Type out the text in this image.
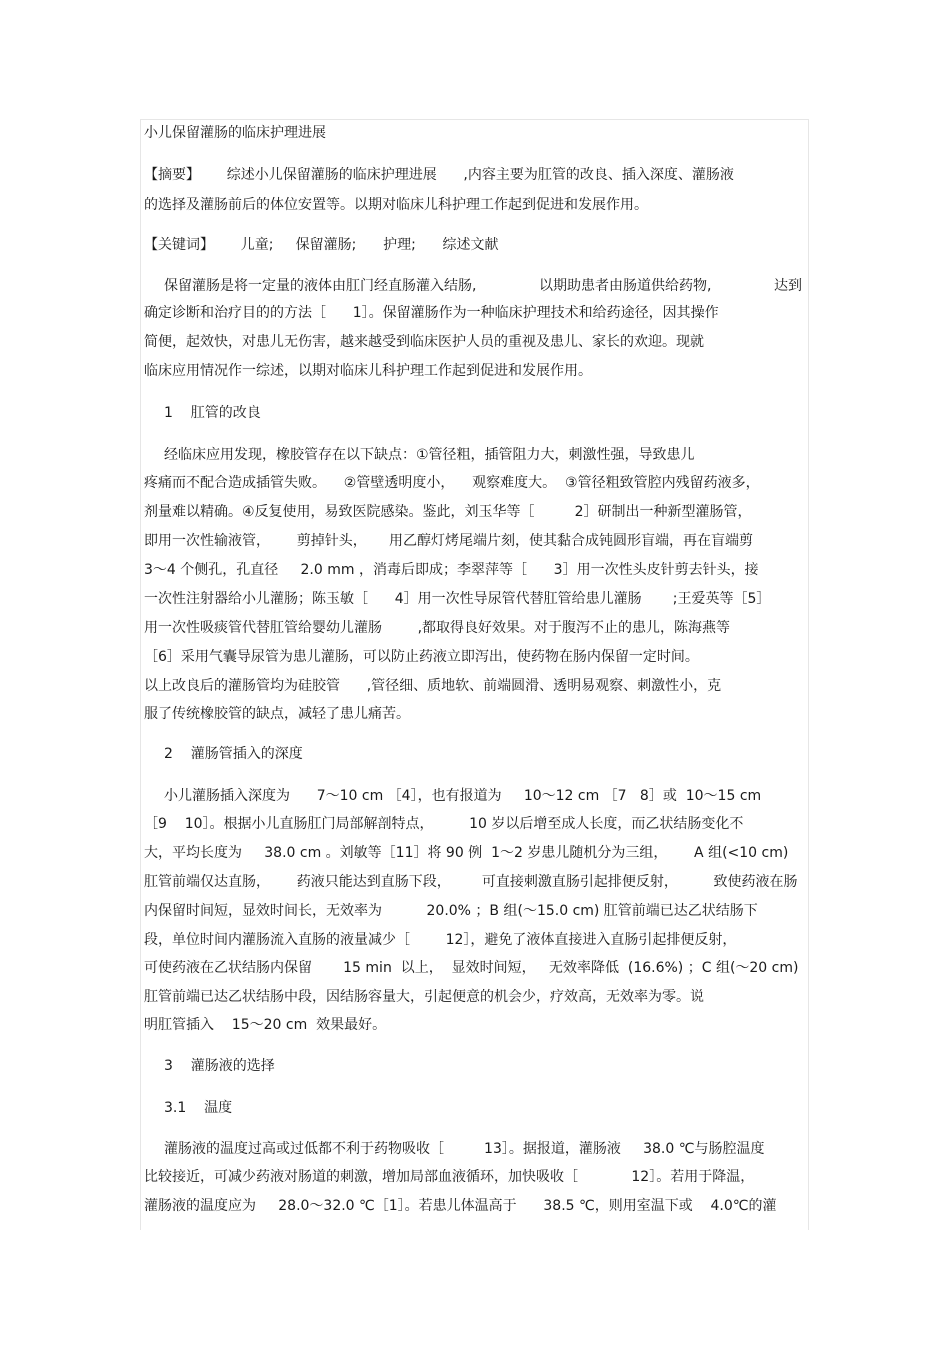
小儿保留灌肠的临床护理进展
【摘要】      综述小儿保留灌肠的临床护理进展      ,内容主要为肛管的改良、插入深度、灌肠液
的选择及灌肠前后的体位安置等。以期对临床儿科护理工作起到促进和发展作用。
【关键词】      儿童;     保留灌肠;      护理;      综述文献
保留灌肠是将一定量的液体由肛门经直肠灌入结肠,	以期助患者由肠道供给药物,	达到
确定诊断和治疗目的的方法［      1］。保留灌肠作为一种临床护理技术和给药途径，因其操作
简便，起效快，对患儿无伤害，越来越受到临床医护人员的重视及患儿、家长的欢迎。现就
临床应用情况作一综述，以期对临床儿科护理工作起到促进和发展作用。
1    肛管的改良
经临床应用发现，橡胶管存在以下缺点：①管径粗，插管阻力大，刺激性强，导致患儿
疼痛而不配合造成插管失败。    ②管壁透明度小，    观察难度大。  ③管径粗致管腔内残留药液多，
剂量难以精确。④反复使用，易致医院感染。鉴此，刘玉华等［         2］研制出一种新型灌肠管，
即用一次性输液管，      剪掉针头，     用乙醇灯烤尾端片刻，使其黏合成钝圆形盲端，再在盲端剪
3～4 个侧孔，孔直径     2.0 mm ，消毒后即成；李翠萍等［      3］用一次性头皮针剪去针头，接
一次性注射器给小儿灌肠；陈玉敏［      4］用一次性导尿管代替肛管给患儿灌肠       ;王爱英等［5］
用一次性吸痰管代替肛管给婴幼儿灌肠        ,都取得良好效果。对于腹泻不止的患儿，陈海燕等
［6］采用气囊导尿管为患儿灌肠，可以防止药液立即泻出，使药物在肠内保留一定时间。
以上改良后的灌肠管均为硅胶管      ,管径细、质地软、前端圆滑、透明易观察、刺激性小，克
服了传统橡胶管的缺点，减轻了患儿痛苦。
2    灌肠管插入的深度
小儿灌肠插入深度为      7～10 cm ［4］，也有报道为     10～12 cm ［7   8］或  10～15 cm
［9    10］。根据小儿直肠肛门局部解剖特点，        10 岁以后增至成人长度，而乙状结肠变化不
大，平均长度为     38.0 cm 。刘敏等［11］将 90 例  1～2 岁患儿随机分为三组，      A 组(<10 cm)
肛管前端仅达直肠，      药液只能达到直肠下段，       可直接刺激直肠引起排便反射，        致使药液在肠
内保留时间短，显效时间长，无效率为          20.0% ；B 组(～15.0 cm) 肛管前端已达乙状结肠下
段，单位时间内灌肠流入直肠的液量减少［        12］，避免了液体直接进入直肠引起排便反射，
可使药液在乙状结肠内保留       15 min  以上，  显效时间短，   无效率降低  (16.6%) ；C 组(～20 cm)
肛管前端已达乙状结肠中段，因结肠容量大，引起便意的机会少，疗效高，无效率为零。说
明肛管插入    15～20 cm  效果最好。
3    灌肠液的选择
3.1    温度
灌肠液的温度过高或过低都不利于药物吸收［         13］。据报道，灌肠液     38.0 ℃与肠腔温度
比较接近，可减少药液对肠道的刺激，增加局部血液循环，加快吸收［            12］。若用于降温，
灌肠液的温度应为     28.0～32.0 ℃［1］。若患儿体温高于      38.5 ℃，则用室温下或    4.0℃的灌
